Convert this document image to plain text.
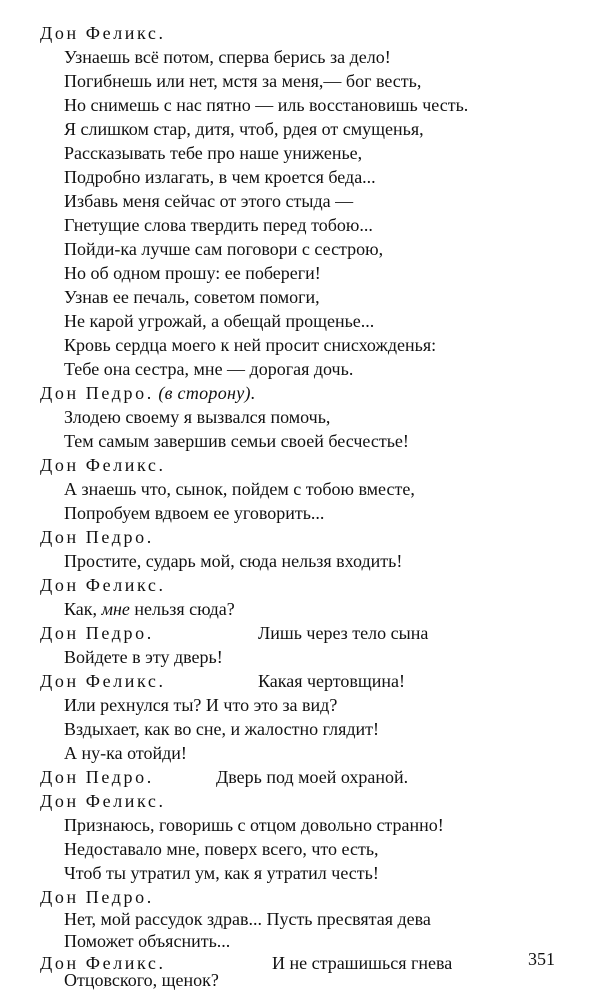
Дон Феликс.
Узнаешь всё потом, сперва берись за дело!
Погибнешь или нет, мстя за меня,— бог весть,
Но снимешь с нас пятно — иль восстановишь честь.
Я слишком стар, дитя, чтоб, рдея от смущенья,
Рассказывать тебе про наше униженье,
Подробно излагать, в чем кроется беда...
Избавь меня сейчас от этого стыда —
Гнетущие слова твердить перед тобою...
Пойди-ка лучше сам поговори с сестрою,
Но об одном прошу: ее побереги!
Узнав ее печаль, советом помоги,
Не карой угрожай, а обещай прощенье...
Кровь сердца моего к ней просит снисхожденья:
Тебе она сестра, мне — дорогая дочь.
Дон Педро. (в сторону).
Злодею своему я вызвался помочь,
Тем самым завершив семьи своей бесчестье!
Дон Феликс.
А знаешь что, сынок, пойдем с тобою вместе,
Попробуем вдвоем ее уговорить...
Дон Педро.
Простите, сударь мой, сюда нельзя входить!
Дон Феликс.
Как, мне нельзя сюда?
Дон Педро.	Лишь через тело сына
Войдете в эту дверь!
Дон Феликс.	Какая чертовщина!
Или рехнулся ты? И что это за вид?
Вздыхает, как во сне, и жалостно глядит!
А ну-ка отойди!
Дон Педро.	Дверь под моей охраной.
Дон Феликс.
Признаюсь, говоришь с отцом довольно странно!
Недоставало мне, поверх всего, что есть,
Чтоб ты утратил ум, как я утратил честь!
Дон Педро.
Нет, мой рассудок здрав... Пусть пресвятая дева
Поможет объяснить...
Дон Феликс.	И не страшишься гнева
Отцовского, щенок?
351
